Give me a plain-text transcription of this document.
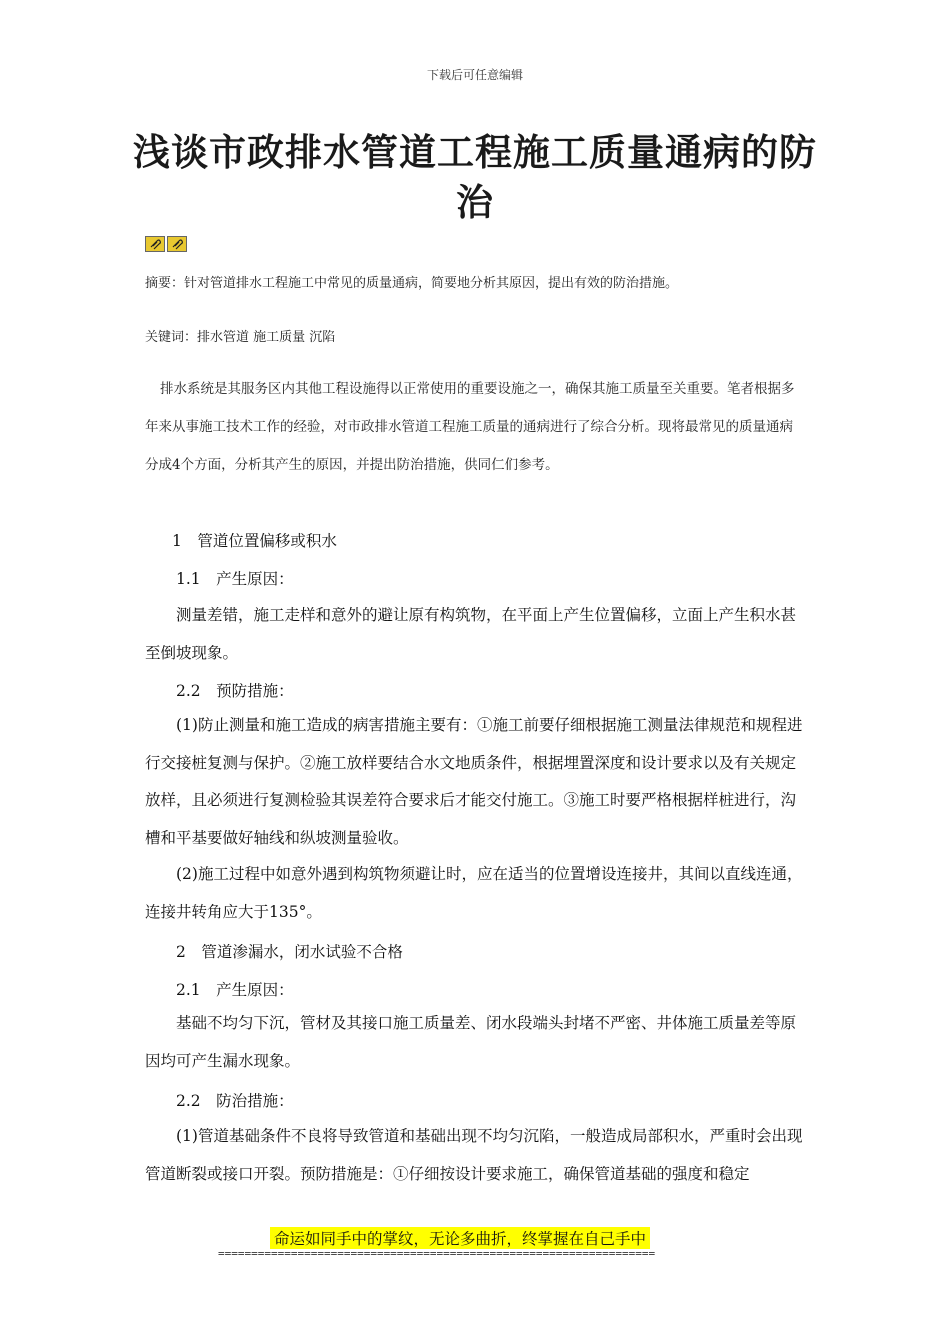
下载后可任意编辑
浅谈市政排水管道工程施工质量通病的防治
摘要：针对管道排水工程施工中常见的质量通病，简要地分析其原因，提出有效的防治措施。
关键词：排水管道 施工质量 沉陷
排水系统是其服务区内其他工程设施得以正常使用的重要设施之一，确保其施工质量至关重要。笔者根据多年来从事施工技术工作的经验，对市政排水管道工程施工质量的通病进行了综合分析。现将最常见的质量通病分成4个方面，分析其产生的原因，并提出防治措施，供同仁们参考。
1　管道位置偏移或积水
1.1　产生原因：
测量差错，施工走样和意外的避让原有构筑物，在平面上产生位置偏移，立面上产生积水甚至倒坡现象。
2.2　预防措施：
(1)防止测量和施工造成的病害措施主要有：①施工前要仔细根据施工测量法律规范和规程进行交接桩复测与保护。②施工放样要结合水文地质条件，根据埋置深度和设计要求以及有关规定放样，且必须进行复测检验其误差符合要求后才能交付施工。③施工时要严格根据样桩进行，沟槽和平基要做好轴线和纵坡测量验收。
(2)施工过程中如意外遇到构筑物须避让时，应在适当的位置增设连接井，其间以直线连通，连接井转角应大于135°。
2　管道渗漏水，闭水试验不合格
2.1　产生原因：
基础不均匀下沉，管材及其接口施工质量差、闭水段端头封堵不严密、井体施工质量差等原因均可产生漏水现象。
2.2　防治措施：
(1)管道基础条件不良将导致管道和基础出现不均匀沉陷，一般造成局部积水，严重时会出现管道断裂或接口开裂。预防措施是：①仔细按设计要求施工，确保管道基础的强度和稳定
命运如同手中的掌纹，无论多曲折，终掌握在自己手中
==================================================================
